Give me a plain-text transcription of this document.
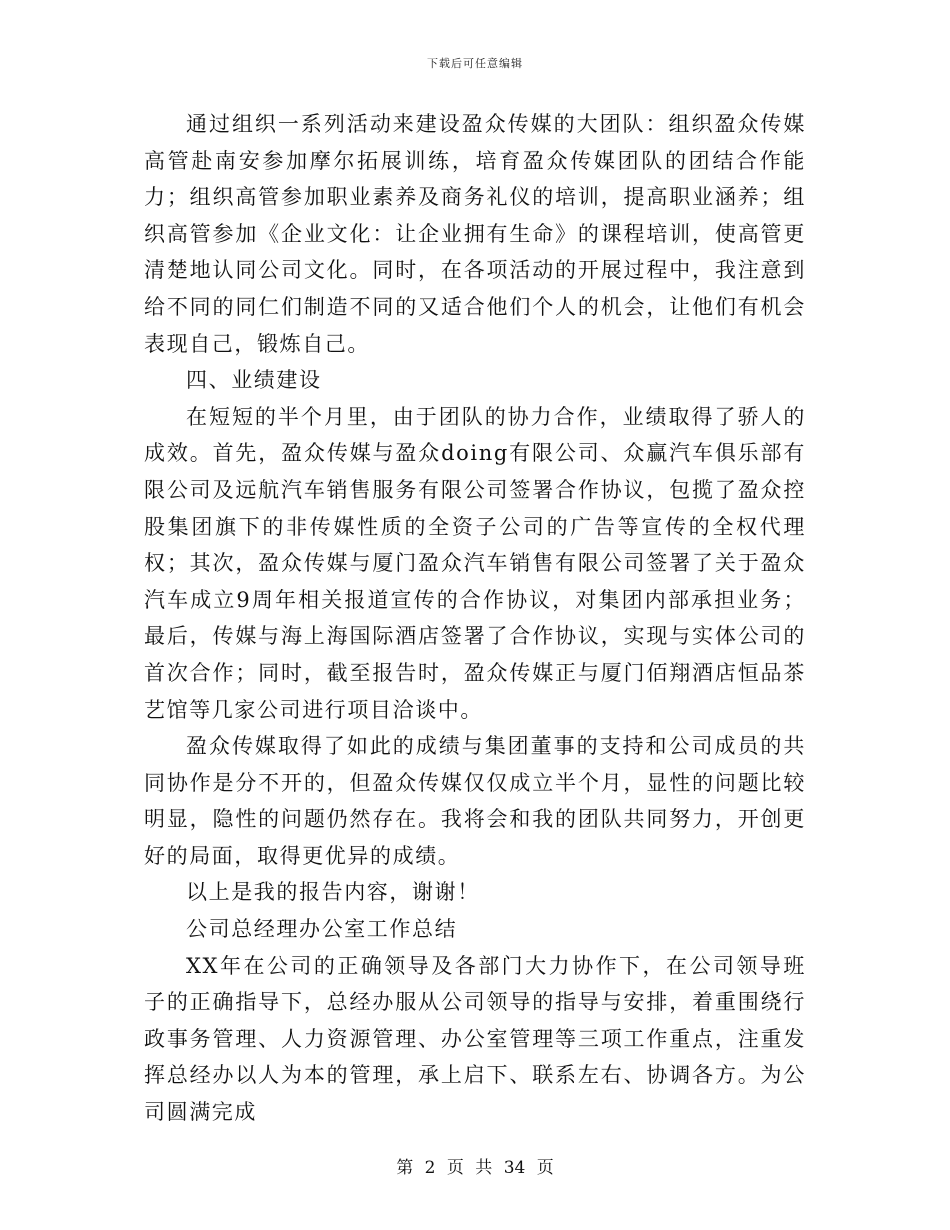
下载后可任意编辑

通过组织一系列活动来建设盈众传媒的大团队：组织盈众传媒高管赴南安参加摩尔拓展训练，培育盈众传媒团队的团结合作能力；组织高管参加职业素养及商务礼仪的培训，提高职业涵养；组织高管参加《企业文化：让企业拥有生命》的课程培训，使高管更清楚地认同公司文化。同时，在各项活动的开展过程中，我注意到给不同的同仁们制造不同的又适合他们个人的机会，让他们有机会表现自己，锻炼自己。

四、业绩建设

在短短的半个月里，由于团队的协力合作，业绩取得了骄人的成效。首先，盈众传媒与盈众doing有限公司、众赢汽车俱乐部有限公司及远航汽车销售服务有限公司签署合作协议，包揽了盈众控股集团旗下的非传媒性质的全资子公司的广告等宣传的全权代理权；其次，盈众传媒与厦门盈众汽车销售有限公司签署了关于盈众汽车成立9周年相关报道宣传的合作协议，对集团内部承担业务；最后，传媒与海上海国际酒店签署了合作协议，实现与实体公司的首次合作；同时，截至报告时，盈众传媒正与厦门佰翔酒店恒品茶艺馆等几家公司进行项目洽谈中。

盈众传媒取得了如此的成绩与集团董事的支持和公司成员的共同协作是分不开的，但盈众传媒仅仅成立半个月，显性的问题比较明显，隐性的问题仍然存在。我将会和我的团队共同努力，开创更好的局面，取得更优异的成绩。

以上是我的报告内容，谢谢！

公司总经理办公室工作总结

XX年在公司的正确领导及各部门大力协作下，在公司领导班子的正确指导下，总经办服从公司领导的指导与安排，着重围绕行政事务管理、人力资源管理、办公室管理等三项工作重点，注重发挥总经办以人为本的管理，承上启下、联系左右、协调各方。为公司圆满完成

第 2 页 共 34 页
